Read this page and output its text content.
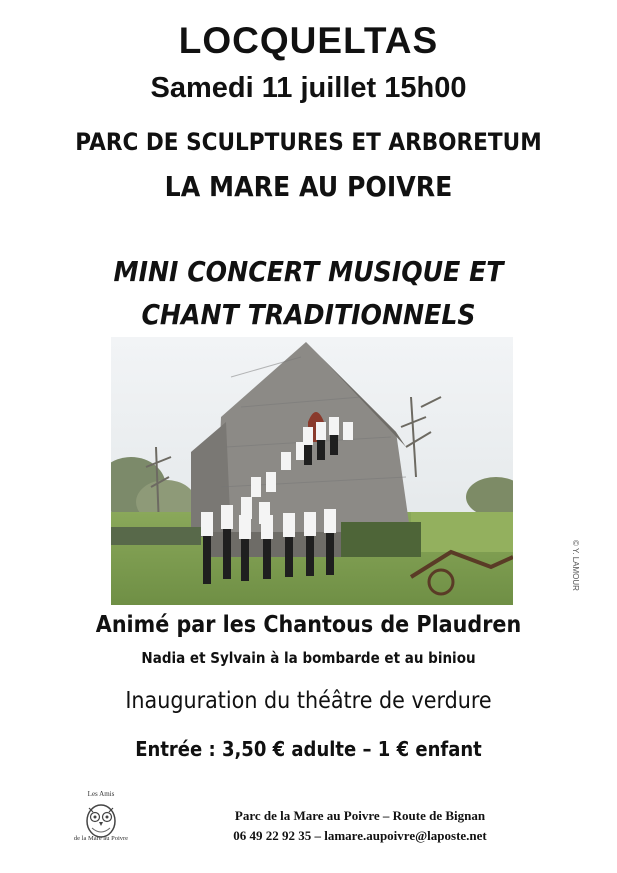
LOCQUELTAS
Samedi 11 juillet 15h00
PARC DE SCULPTURES ET ARBORETUM
LA MARE AU POIVRE
MINI CONCERT MUSIQUE ET
CHANT TRADITIONNELS
© Y. LAMOUR
Animé par les Chantous de Plaudren
Nadia et Sylvain à la bombarde et au biniou
Inauguration du théâtre de verdure
Entrée : 3,50 € adulte – 1 € enfant
Les Amis
de la Mare au Poivre
Parc de la Mare au Poivre – Route de Bignan
06 49 22 92 35 – lamare.aupoivre@laposte.net
